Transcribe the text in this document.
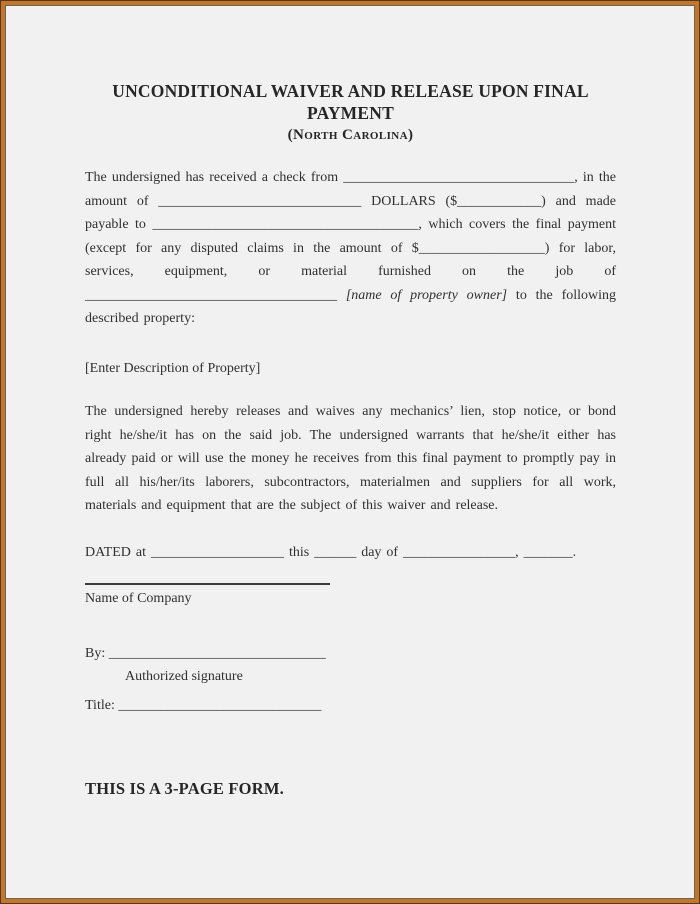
UNCONDITIONAL WAIVER AND RELEASE UPON FINAL PAYMENT
(North Carolina)

The undersigned has received a check from _________________________________, in the amount of _____________________________ DOLLARS ($____________) and made payable to ______________________________________, which covers the final payment (except for any disputed claims in the amount of $__________________) for labor, services, equipment, or material furnished on the job of ____________________________________ [name of property owner] to the following described property:

[Enter Description of Property]

The undersigned hereby releases and waives any mechanics’ lien, stop notice, or bond right he/she/it has on the said job. The undersigned warrants that he/she/it either has already paid or will use the money he receives from this final payment to promptly pay in full all his/her/its laborers, subcontractors, materialmen and suppliers for all work, materials and equipment that are the subject of this waiver and release.

DATED at ___________________ this ______ day of ________________, _______.

Name of Company

By: _______________________________

Authorized signature

Title: _____________________________

THIS IS A 3-PAGE FORM.
